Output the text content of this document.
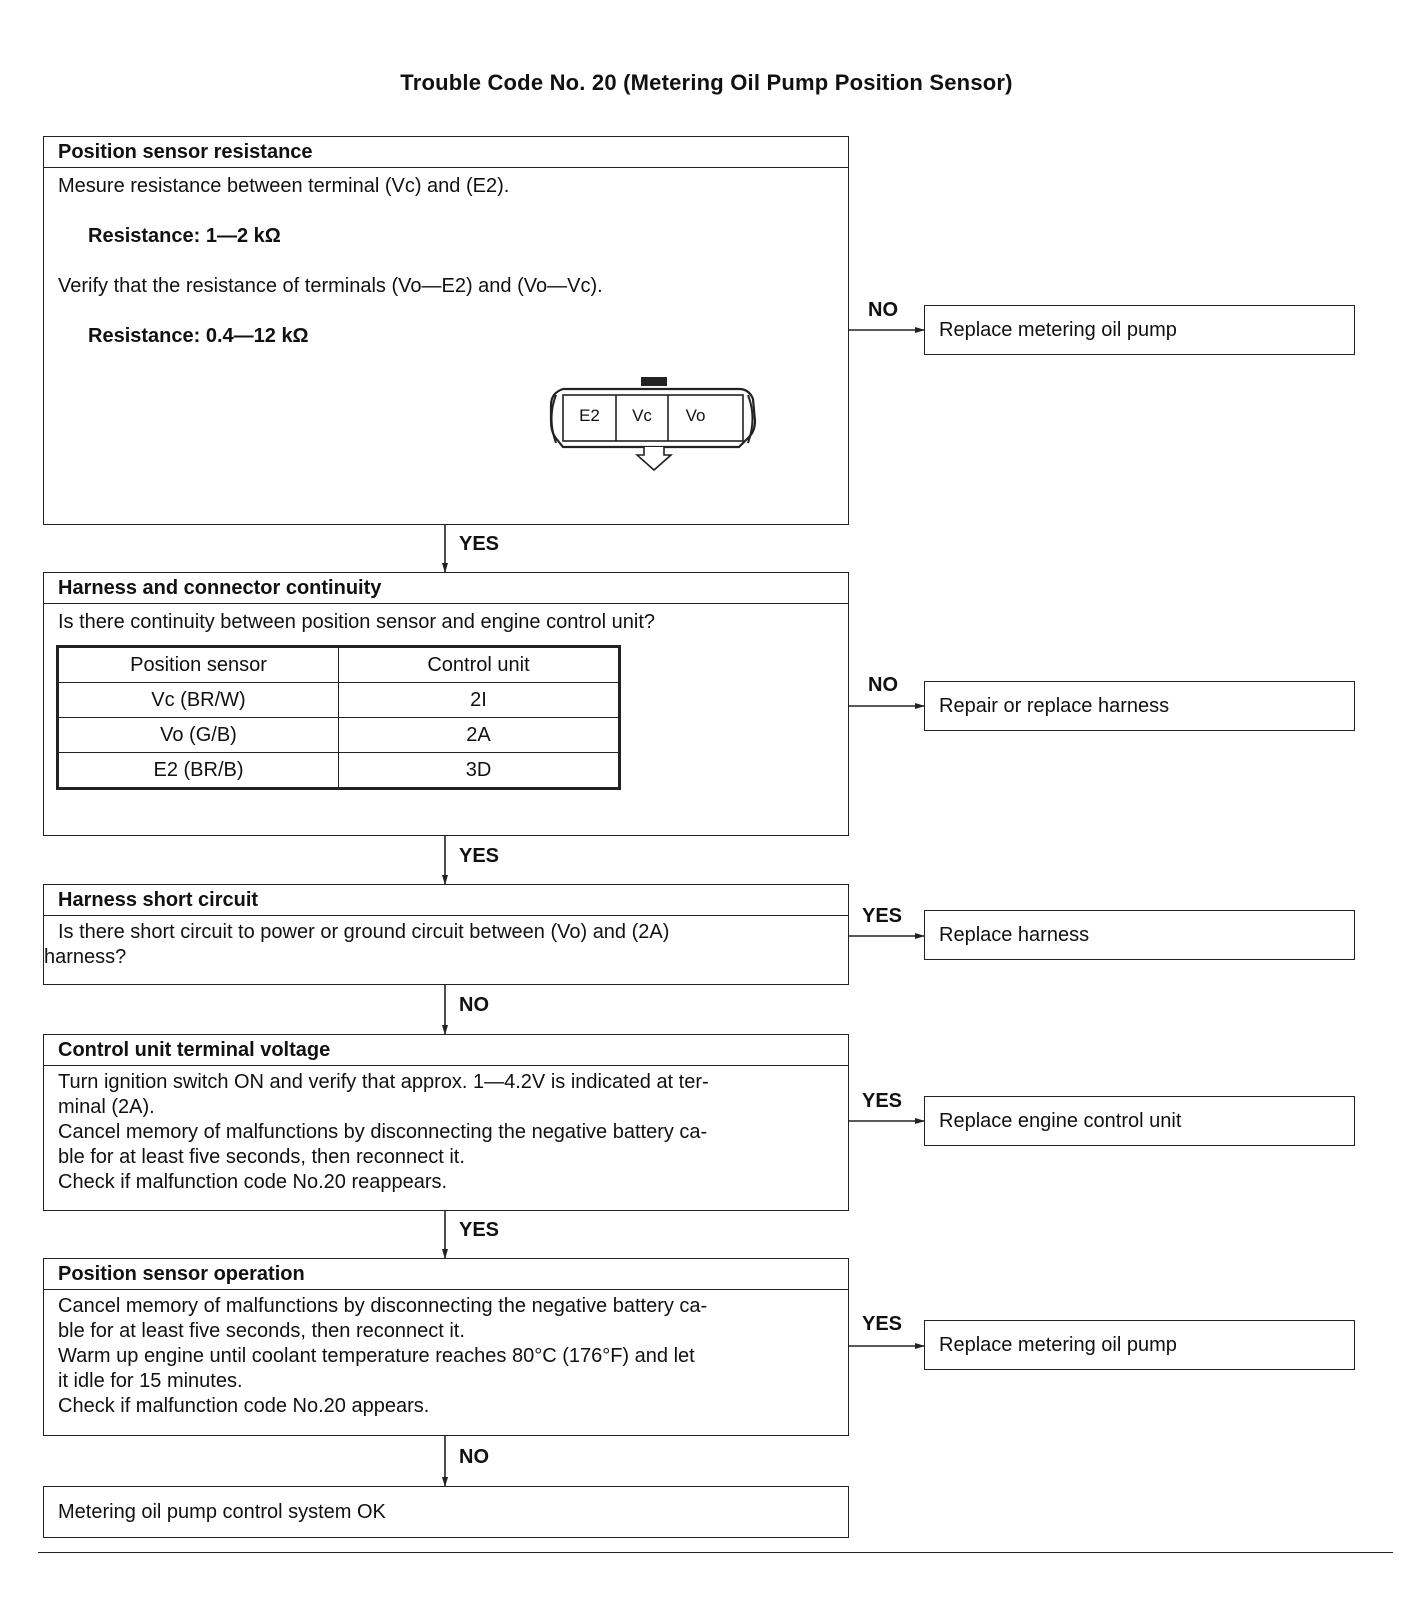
Trouble Code No. 20 (Metering Oil Pump Position Sensor)
Position sensor resistance

Mesure resistance between terminal (Vc) and (E2).

Resistance: 1—2 kΩ

Verify that the resistance of terminals (Vo—E2) and (Vo—Vc).

Resistance: 0.4—12 kΩ

E2	Vc	Vo
NO
Replace metering oil pump
YES
Harness and connector continuity

Is there continuity between position sensor and engine control unit?

Position sensor	Control unit
Vc (BR/W)	2I
Vo (G/B)	2A
E2 (BR/B)	3D
NO
Repair or replace harness
YES
Harness short circuit

Is there short circuit to power or ground circuit between (Vo) and (2A)

harness?

YES
Replace harness
NO
Control unit terminal voltage

Turn ignition switch ON and verify that approx. 1—4.2V is indicated at ter-

minal (2A).

Cancel memory of malfunctions by disconnecting the negative battery ca-

ble for at least five seconds, then reconnect it.

Check if malfunction code No.20 reappears.

YES
Replace engine control unit
YES
Position sensor operation

Cancel memory of malfunctions by disconnecting the negative battery ca-

ble for at least five seconds, then reconnect it.

Warm up engine until coolant temperature reaches 80°C (176°F) and let

it idle for 15 minutes.

Check if malfunction code No.20 appears.

YES
Replace metering oil pump
NO
Metering oil pump control system OK
